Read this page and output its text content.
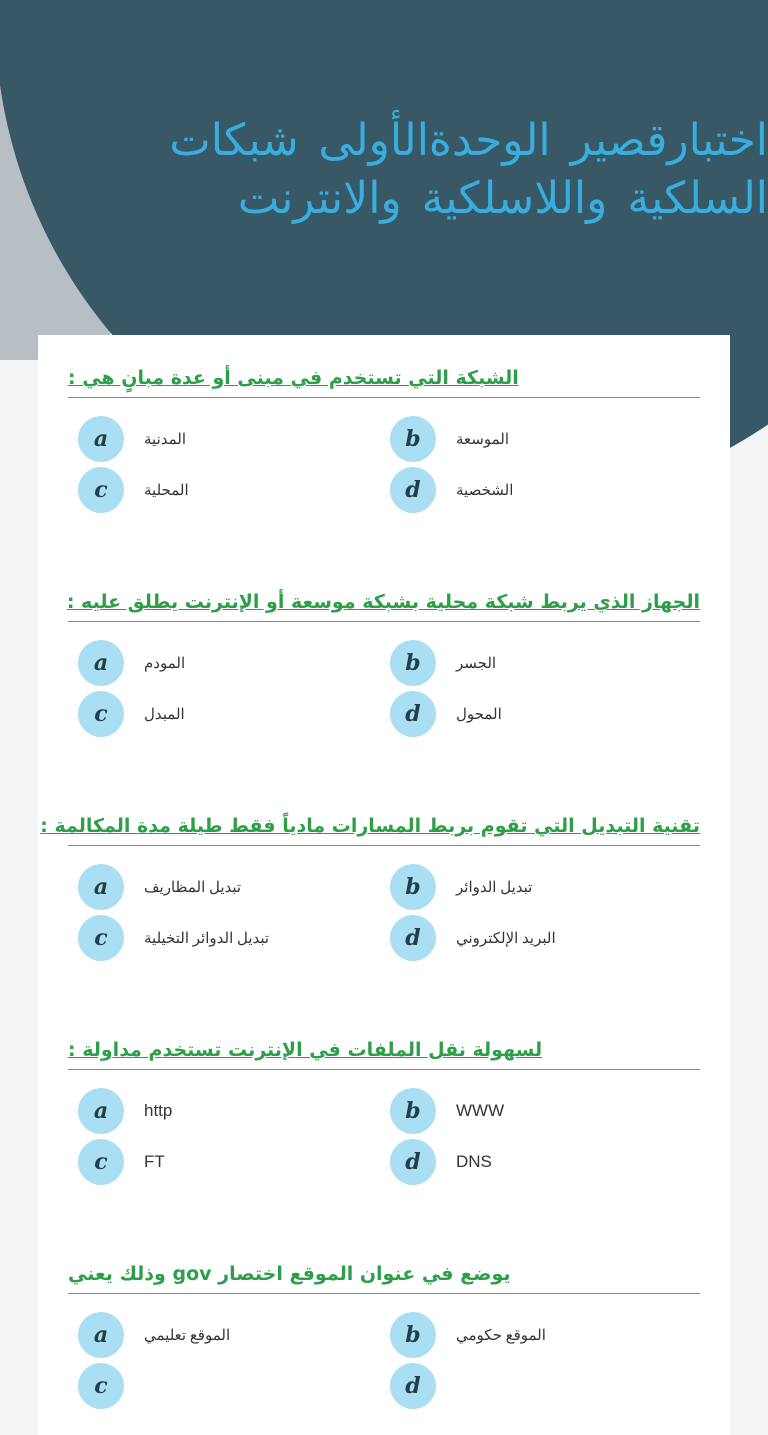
اختبارقصير الوحدةالأولى شبكات السلكية واللاسلكية والانترنت
الشبكة التي تستخدم في مبنى أو عدة مبانٍ هي :
a	المدنية	b	الموسعة
c	المحلية	d	الشخصية
الجهاز الذي يربط شبكة محلية بشبكة موسعة أو الإنترنت يطلق عليه :
a	المودم	b	الجسر
c	المبدل	d	المحول
تقنية التبديل التي تقوم بربط المسارات مادياً فقط طيلة مدة المكالمة :
a	تبديل المظاريف	b	تبديل الدوائر
c	تبديل الدوائر التخيلية	d	البريد الإلكتروني
لسهولة نقل الملفات في الإنترنت تستخدم مداولة :
a	http	b	WWW
c	FT	d	DNS
يوضع في عنوان الموقع اختصار gov وذلك يعني
a	الموقع تعليمي	b	الموقع حكومي
c	d
